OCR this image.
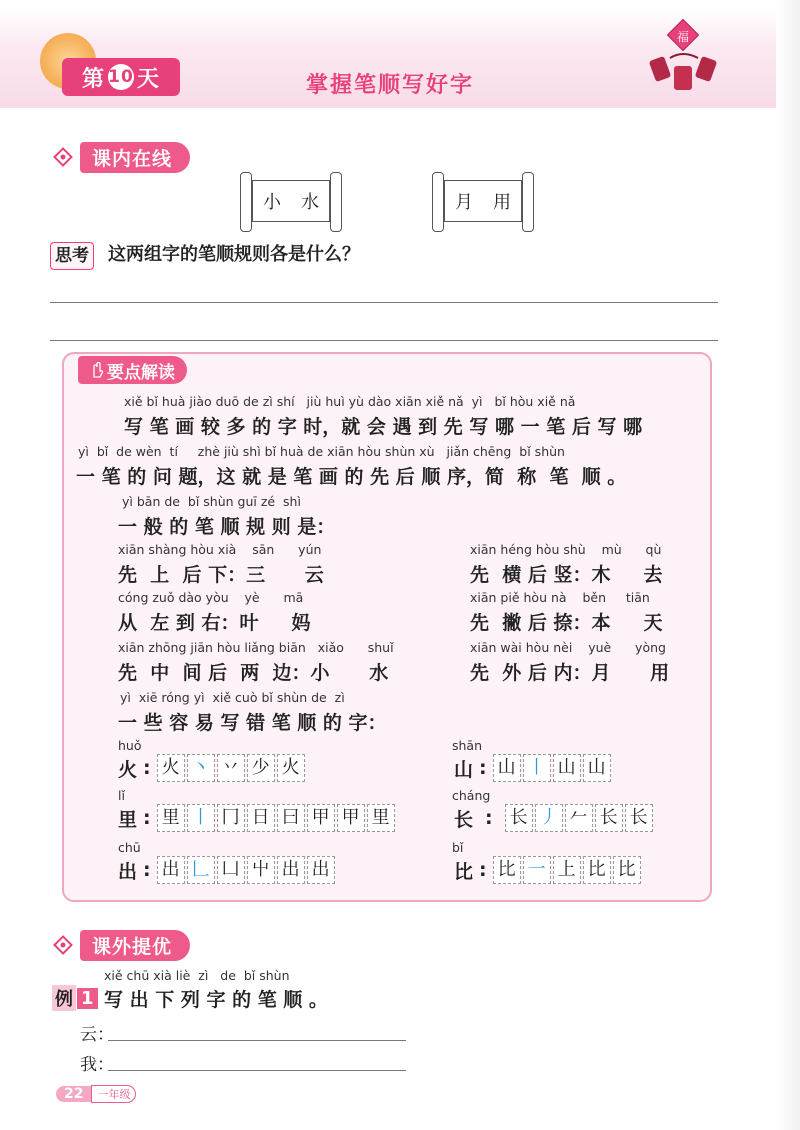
第 10 天	掌握笔顺写好字
福
课内在线
小 水	月 用
思考 这两组字的笔顺规则各是什么？
要点解读
xiě bǐ huà jiào duō de zì shí   jiù huì yù dào xiān xiě nǎ  yì   bǐ hòu xiě nǎ
写 笔 画 较 多 的 字 时，就 会 遇 到 先 写 哪 一 笔 后 写 哪
yì  bǐ  de wèn  tí     zhè jiù shì bǐ huà de xiān hòu shùn xù   jiǎn chēng  bǐ shùn
一 笔 的 问 题，这 就 是 笔 画 的 先 后 顺 序，简  称  笔  顺 。
yì bān de  bǐ shùn guī zé  shì
一 般 的 笔 顺 规 则 是：
xiān shàng hòu xià    sān      yún
先  上  后 下：三      云
xiān héng hòu shù    mù      qù
先  横 后 竖：木     去
cóng zuǒ dào yòu    yè      mā
从  左 到 右：叶     妈
xiān piě hòu nà    běn     tiān
先  撇 后 捺：本     天
xiān zhōng jiān hòu liǎng biān   xiǎo      shuǐ
先  中  间 后  两  边：小      水
xiān wài hòu nèi    yuè      yòng
先  外 后 内：月      用
yì  xiē róng yì  xiě cuò bǐ shùn de  zì
一 些 容 易 写 错 笔 顺 的 字：
huǒ
火 : 火 丶 丷 少 火
shān
山 : 山 丨 山 山
lǐ
里 : 里 丨 冂 日 曰 甲 甲 里
cháng
长 : 长 丿 𠂉 长 长
chū
出 : 出 𠃊 凵 屮 出 出
bǐ
比 : 比 一 上 比 比
课外提优
xiě chū xià liè  zì   de  bǐ shùn
例 1 写 出 下 列 字 的 笔 顺 。
云：
我：
22	一年级
